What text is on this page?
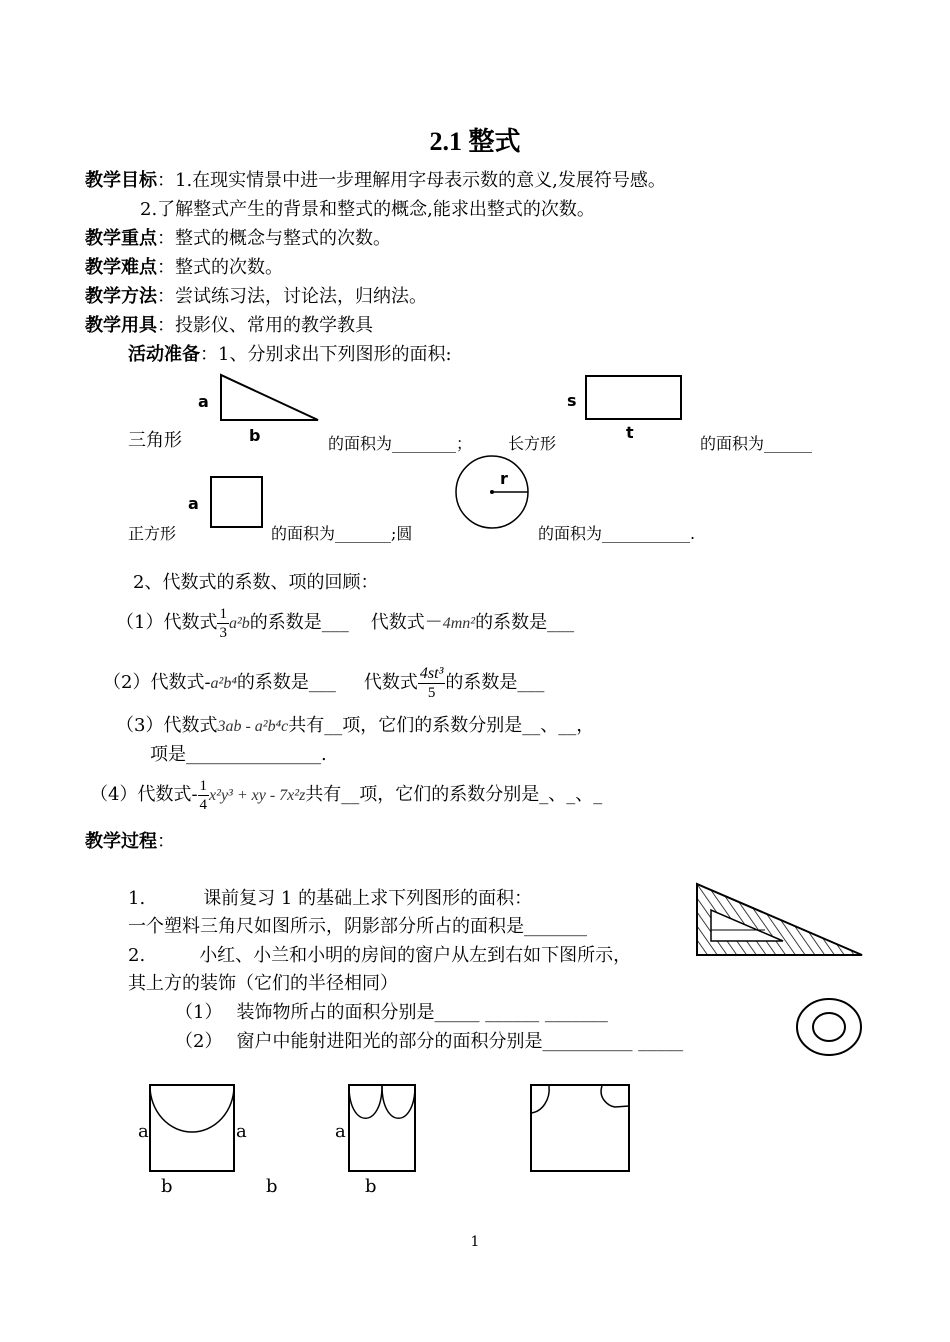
2.1 整式
教学目标：1.在现实情景中进一步理解用字母表示数的意义,发展符号感。
2.了解整式产生的背景和整式的概念,能求出整式的次数。
教学重点：整式的概念与整式的次数。
教学难点：整式的次数。
教学方法：尝试练习法，讨论法，归纳法。
教学用具：投影仪、常用的教学教具
活动准备：1、分别求出下列图形的面积:
a
b
三角形	的面积为________； 长方形
s
t
的面积为______
a
正方形	的面积为_______;圆
r
的面积为___________.
2、代数式的系数、项的回顾：
（1）代数式 $\frac{1}{3} a^2b$的系数是___ 代数式－4mn²的系数是___
（2）代数式-a²b⁴的系数是___ 代数式 $\frac{\text{4st³}}{5}$ 的系数是___
（3）代数式3ab - a²b⁴c共有__项，它们的系数分别是__、__，
项是_______________.
（4）代数式- $\frac{1}{4} x^2y^3$ + xy - 7x²z共有__项，它们的系数分别是_、_、_
教学过程：
1.	课前复习 1 的基础上求下列图形的面积：
一个塑料三角尺如图所示，阴影部分所占的面积是_______
2.	小红、小兰和小明的房间的窗户从左到右如下图所示，
其上方的装饰（它们的半径相同）
（1） 装饰物所占的面积分别是_____ ______ _______
（2） 窗户中能射进阳光的部分的面积分别是__________ _____
a	a	a
b	b	b
1
